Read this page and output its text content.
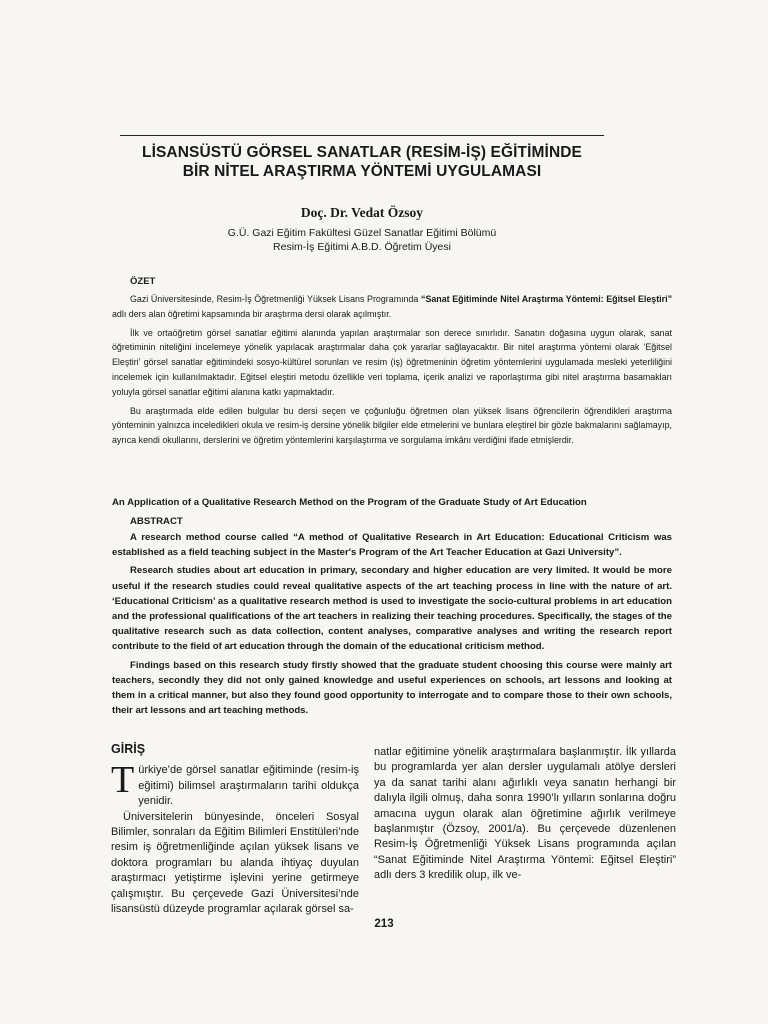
LİSANSÜSTÜ GÖRSEL SANATLAR (RESİM-İŞ) EĞİTİMİNDE
BİR NİTEL ARAŞTIRMA YÖNTEMİ UYGULAMASI
Doç. Dr. Vedat Özsoy
G.Ü. Gazi Eğitim Fakültesi Güzel Sanatlar Eğitimi Bölümü
Resim-İş Eğitimi A.B.D. Öğretim Üyesi
ÖZET

Gazi Üniversitesinde, Resim-İş Öğretmenliği Yüksek Lisans Programında “Sanat Eğitiminde Nitel Araştırma Yöntemi: Eğitsel Eleştiri” adlı ders alan öğretimi kapsamında bir araştırma dersi olarak açılmıştır.

İlk ve ortaöğretim görsel sanatlar eğitimi alanında yapılan araştırmalar son derece sınırlıdır. Sanatın doğasına uygun olarak, sanat öğretiminin niteliğini incelemeye yönelik yapılacak araştırmalar daha çok yararlar sağlayacaktır. Bir nitel araştırma yöntemi olarak ‘Eğitsel Eleştiri’ görsel sanatlar eğitimindeki sosyo-kültürel sorunları ve resim (iş) öğretmeninin öğretim yöntemlerini uygulamada mesleki yeterliliğini incelemek için kullanılmaktadır. Eğitsel eleştiri metodu özellikle veri toplama, içerik analizi ve raporlaştırma gibi nitel araştırma basamakları yoluyla görsel sanatlar eğitimi alanına katkı yapmaktadır.

Bu araştırmada elde edilen bulgular bu dersi seçen ve çoğunluğu öğretmen olan yüksek lisans öğrencilerin öğrendikleri araştırma yönteminin yalnızca inceledikleri okula ve resim-iş dersine yönelik bilgiler elde etmelerini ve bunlara eleştirel bir gözle bakmalarını sağlamayıp, ayrıca kendi okullarını, derslerini ve öğretim yöntemlerini karşılaştırma ve sorgulama imkânı verdiğini ifade etmişlerdir.

An Application of a Qualitative Research Method on the Program of the Graduate Study of Art Education
ABSTRACT

A research method course called “A method of Qualitative Research in Art Education: Educational Criticism was established as a field teaching subject in the Master's Program of the Art Teacher Education at Gazi University”.

Research studies about art education in primary, secondary and higher education are very limited. It would be more useful if the research studies could reveal qualitative aspects of the art teaching process in line with the nature of art. ‘Educational Criticism’ as a qualitative research method is used to investigate the socio-cultural problems in art education and the professional qualifications of the art teachers in realizing their teaching procedures. Specifically, the stages of the qualitative research such as data collection, content analyses, comparative analyses and writing the research report contribute to the field of art education through the domain of the educational criticism method.

Findings based on this research study firstly showed that the graduate student choosing this course were mainly art teachers, secondly they did not only gained knowledge and useful experiences on schools, art lessons and looking at them in a critical manner, but also they found good opportunity to interrogate and to compare those to their own schools, their art lessons and art teaching methods.

GİRİŞ

Türkiye’de görsel sanatlar eğitiminde (resim-iş eğitimi) bilimsel araştırmaların tarihi oldukça yenidir.

Üniversitelerin bünyesinde, önceleri Sosyal Bilimler, sonraları da Eğitim Bilimleri Enstitüleri’nde resim iş öğretmenliğinde açılan yüksek lisans ve doktora programları bu alanda ihtiyaç duyulan araştırmacı yetiştirme işlevini yerine getirmeye çalışmıştır. Bu çerçevede Gazi Üniversitesi’nde lisansüstü düzeyde programlar açılarak görsel sa-

natlar eğitimine yönelik araştırmalara başlanmıştır. İlk yıllarda bu programlarda yer alan dersler uygulamalı atölye dersleri ya da sanat tarihi alanı ağırlıklı veya sanatın herhangi bir dalıyla ilgili olmuş, daha sonra 1990’lı yılların sonlarına doğru amacına uygun olarak alan öğretimine ağırlık verilmeye başlanmıştır (Özsoy, 2001/a). Bu çerçevede düzenlenen Resim-İş Öğretmenliği Yüksek Lisans programında açılan “Sanat Eğitiminde Nitel Araştırma Yöntemi: Eğitsel Eleştiri” adlı ders 3 kredilik olup, ilk ve-

213
